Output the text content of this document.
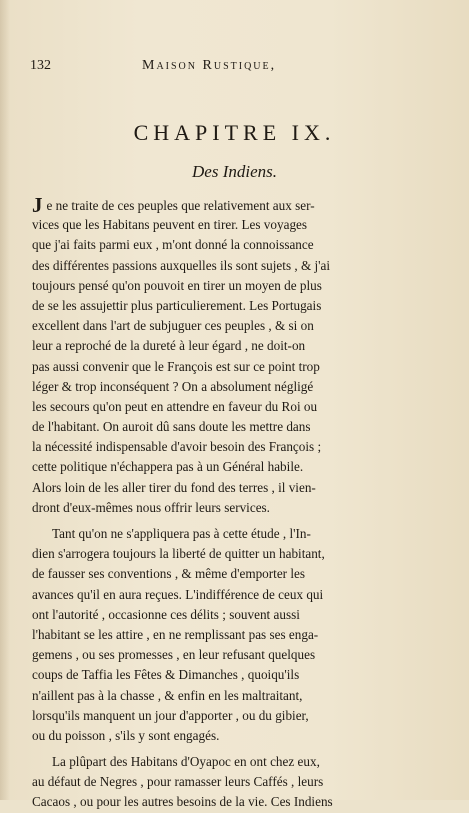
132	Maison Rustique,
CHAPITRE IX.
Des Indiens.
Je ne traite de ces peuples que relativement aux ser-
vices que les Habitans peuvent en tirer. Les voyages
que j'ai faits parmi eux , m'ont donné la connoissance
des différentes passions auxquelles ils sont sujets , & j'ai
toujours pensé qu'on pouvoit en tirer un moyen de plus
de se les assujettir plus particulierement. Les Portugais
excellent dans l'art de subjuguer ces peuples , & si on
leur a reproché de la dureté à leur égard , ne doit-on
pas aussi convenir que le François est sur ce point trop
léger & trop inconséquent ? On a absolument négligé
les secours qu'on peut en attendre en faveur du Roi ou
de l'habitant. On auroit dû sans doute les mettre dans
la nécessité indispensable d'avoir besoin des François ;
cette politique n'échappera pas à un Général habile.
Alors loin de les aller tirer du fond des terres , il vien-
dront d'eux-mêmes nous offrir leurs services.
Tant qu'on ne s'appliquera pas à cette étude , l'In-
dien s'arrogera toujours la liberté de quitter un habitant,
de fausser ses conventions , & même d'emporter les
avances qu'il en aura reçues. L'indifférence de ceux qui
ont l'autorité , occasionne ces délits ; souvent aussi
l'habitant se les attire , en ne remplissant pas ses enga-
gemens , ou ses promesses , en leur refusant quelques
coups de Taffia les Fêtes & Dimanches , quoiqu'ils
n'aillent pas à la chasse , & enfin en les maltraitant,
lorsqu'ils manquent un jour d'apporter , ou du gibier,
ou du poisson , s'ils y sont engagés.
La plûpart des Habitans d'Oyapoc en ont chez eux,
au défaut de Negres , pour ramasser leurs Caffés , leurs
Cacaos , ou pour les autres besoins de la vie. Ces Indiens
